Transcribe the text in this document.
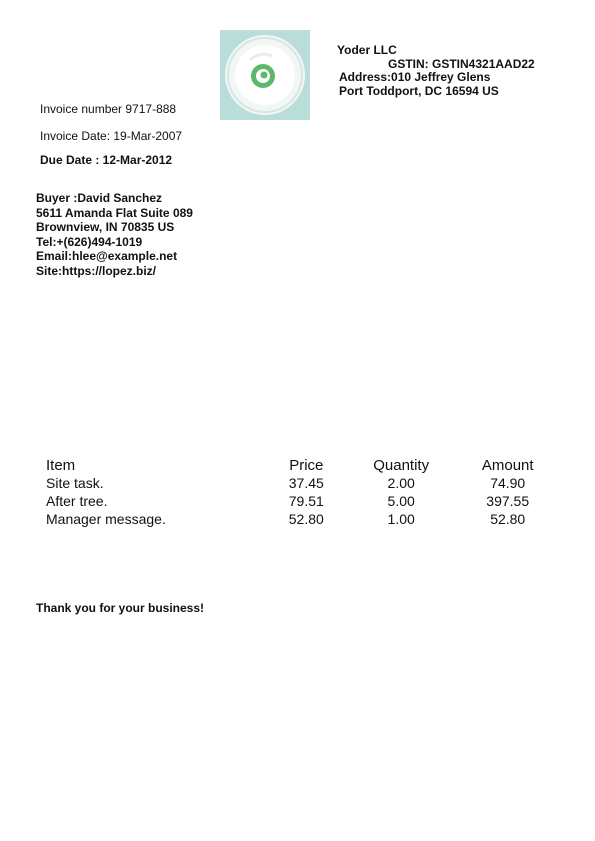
Yoder LLC
GSTIN: GSTIN4321AAD22
Address:010 Jeffrey Glens
Port Toddport, DC 16594 US
Invoice number 9717-888
Invoice Date: 19-Mar-2007
Due Date : 12-Mar-2012
Buyer :David Sanchez
5611 Amanda Flat Suite 089
Brownview, IN 70835 US
Tel:+(626)494-1019
Email:hlee@example.net
Site:https://lopez.biz/
Item	Price	Quantity	Amount
Site task.	37.45	2.00	74.90
After tree.	79.51	5.00	397.55
Manager message.	52.80	1.00	52.80
Thank you for your business!
